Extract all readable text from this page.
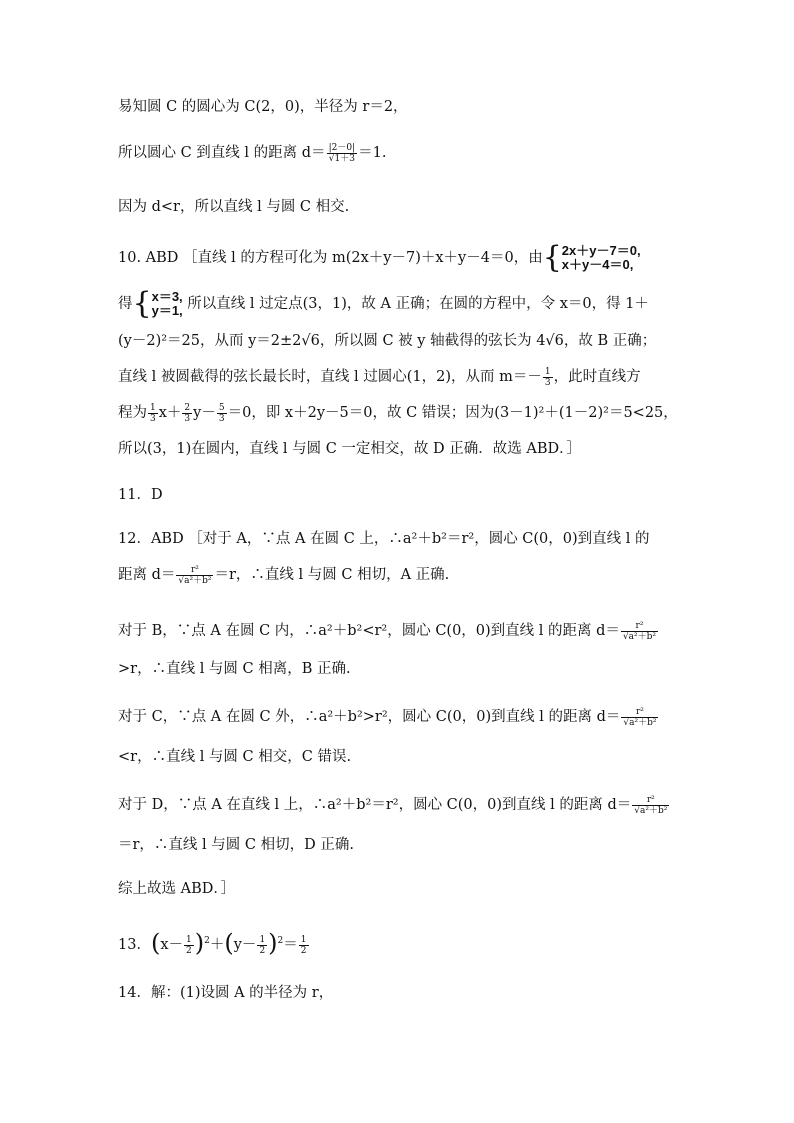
易知圆 C 的圆心为 C(2，0)，半径为 r＝2，
所以圆心 C 到直线 l 的距离 $d= \frac{|2-0|}{√1+3} =1$.
因为 d<r，所以直线 l 与圆 C 相交.
10. ABD ［直线 l 的方程可化为 m(2x＋y－7)＋x＋y－4＝0，由{ 2x＋y－7＝0,
x＋y－4＝0,
得{ x＝3,
y＝1, 所以直线 l 过定点(3，1)，故 A 正确；在圆的方程中，令 x＝0，得 1＋
(y－2)²＝25，从而 y＝2±2√6，所以圆 C 被 y 轴截得的弦长为 4√6，故 B 正确；
直线 l 被圆截得的弦长最长时，直线 l 过圆心(1，2)，从而 $m=- \frac{1}{3}$ ，此时直线方
程为 $\frac{1}{3} x+ \frac{2}{3} y- \frac{5}{3} =0$，即 x＋2y－5＝0，故 C 错误；因为(3－1)²＋(1－2)²＝5<25，
所以(3，1)在圆内，直线 l 与圆 C 一定相交，故 D 正确．故选 ABD．］
11．D
12．ABD ［对于 A，∵点 A 在圆 C 上，∴a²＋b²＝r²，圆心 C(0，0)到直线 l 的
距离 $d= \frac{\text{r²}}{\text{√a²＋b²}} =r$，∴直线 l 与圆 C 相切，A 正确.
对于 B，∵点 A 在圆 C 内，∴a²＋b²<r²，圆心 C(0，0)到直线 l 的距离 $d= \frac{\text{r²}}{\text{√a²＋b²}}$
>r，∴直线 l 与圆 C 相离，B 正确.
对于 C，∵点 A 在圆 C 外，∴a²＋b²>r²，圆心 C(0，0)到直线 l 的距离 $d= \frac{\text{r²}}{\text{√a²＋b²}}$
<r，∴直线 l 与圆 C 相交，C 错误.
对于 D，∵点 A 在直线 l 上，∴a²＋b²＝r²，圆心 C(0，0)到直线 l 的距离 $d= \frac{\text{r²}}{\text{√a²＋b²}}$
＝r，∴直线 l 与圆 C 相切，D 正确.
综上故选 ABD．］
13．$(x- \frac{1}{2} )^2+(y- \frac{1}{2} )^2= \frac{1}{2}$
14．解：(1)设圆 A 的半径为 r，
